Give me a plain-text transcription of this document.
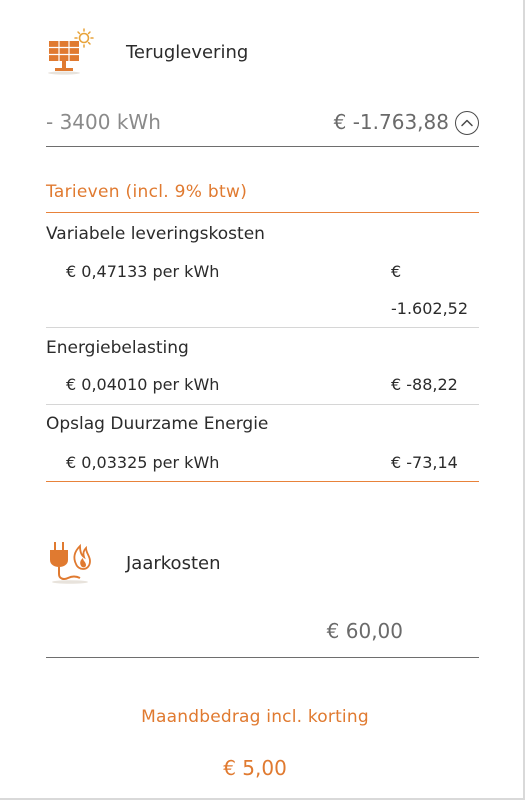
Teruglevering
- 3400 kWh	€ -1.763,88
Tarieven (incl. 9% btw)
Variabele leveringskosten
€ 0,47133 per kWh	€
-1.602,52
Energiebelasting
€ 0,04010 per kWh	€ -88,22
Opslag Duurzame Energie
€ 0,03325 per kWh	€ -73,14
Jaarkosten
€ 60,00
Maandbedrag incl. korting
€ 5,00
